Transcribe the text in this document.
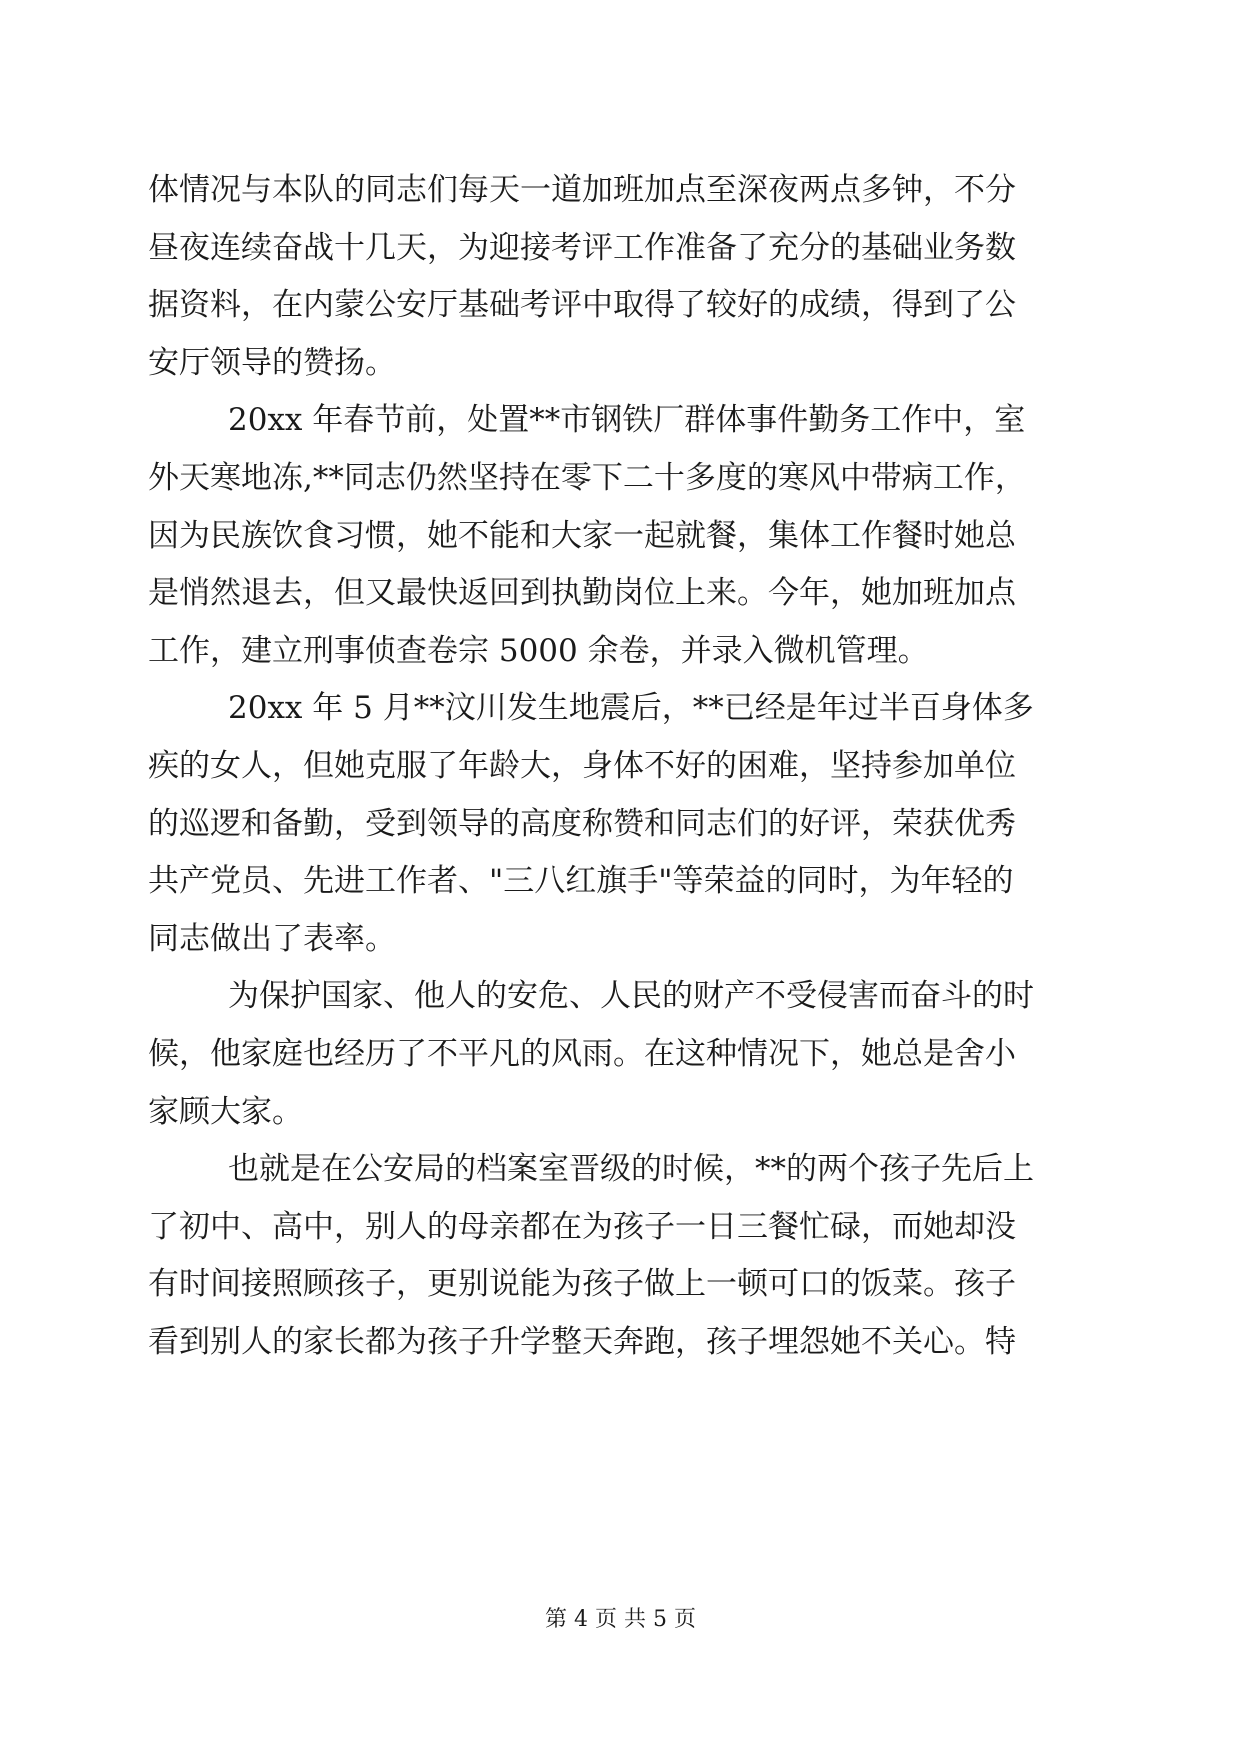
体情况与本队的同志们每天一道加班加点至深夜两点多钟，不分
昼夜连续奋战十几天，为迎接考评工作准备了充分的基础业务数
据资料，在内蒙公安厅基础考评中取得了较好的成绩，得到了公
安厅领导的赞扬。
20xx 年春节前，处置**市钢铁厂群体事件勤务工作中，室
外天寒地冻,**同志仍然坚持在零下二十多度的寒风中带病工作，
因为民族饮食习惯，她不能和大家一起就餐，集体工作餐时她总
是悄然退去，但又最快返回到执勤岗位上来。今年，她加班加点
工作，建立刑事侦查卷宗 5000 余卷，并录入微机管理。
20xx 年 5 月**汶川发生地震后，**已经是年过半百身体多
疾的女人，但她克服了年龄大，身体不好的困难，坚持参加单位
的巡逻和备勤，受到领导的高度称赞和同志们的好评，荣获优秀
共产党员、先进工作者、"三八红旗手"等荣益的同时，为年轻的
同志做出了表率。
为保护国家、他人的安危、人民的财产不受侵害而奋斗的时
候，他家庭也经历了不平凡的风雨。在这种情况下，她总是舍小
家顾大家。
也就是在公安局的档案室晋级的时候，**的两个孩子先后上
了初中、高中，别人的母亲都在为孩子一日三餐忙碌，而她却没
有时间接照顾孩子，更别说能为孩子做上一顿可口的饭菜。孩子
看到别人的家长都为孩子升学整天奔跑，孩子埋怨她不关心。特
第 4 页 共 5 页
